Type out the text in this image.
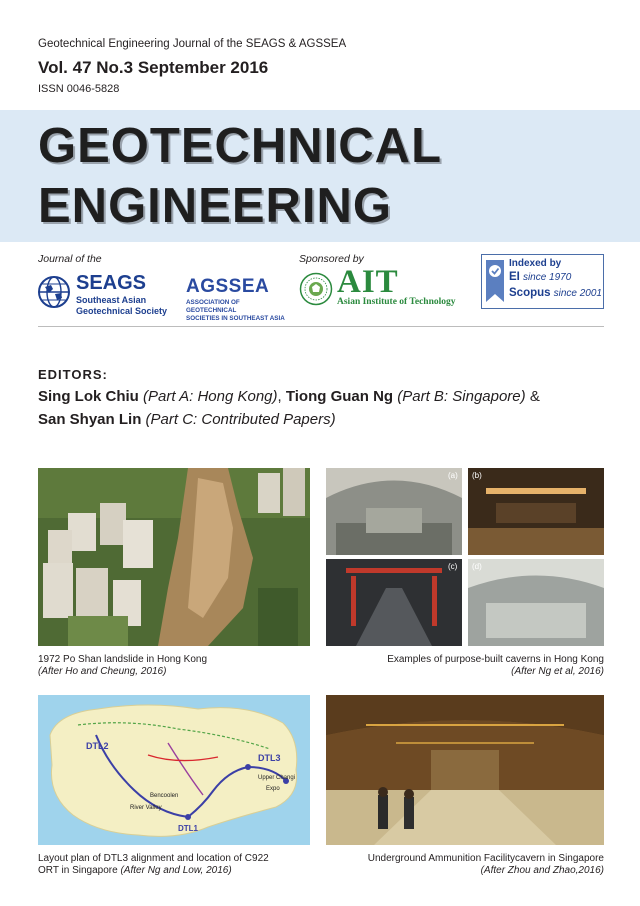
Geotechnical Engineering Journal of the SEAGS & AGSSEA
Vol. 47 No.3 September 2016
ISSN 0046-5828
GEOTECHNICAL
ENGINEERING
Journal of the	Sponsored by
SEAGS
Southeast Asian
Geotechnical Society
AGSSEA
ASSOCIATION OF GEOTECHNICAL
SOCIETIES IN SOUTHEAST ASIA
AIT
Asian Institute of Technology
Indexed by
EI since 1970
Scopus since 2001
EDITORS:
Sing Lok Chiu (Part A: Hong Kong), Tiong Guan Ng (Part B: Singapore) &
San Shyan Lin (Part C: Contributed Papers)
1972 Po Shan landslide in Hong Kong
(After Ho and Cheung, 2016)
(a) (b)
(c) (d)
Examples of purpose-built caverns in Hong Kong
(After Ng et al, 2016)
DTL2
DTL3
DTL1
Upper Changi
Expo
Bencoolen
River Valley
Layout plan of DTL3 alignment and location of C922
ORT in Singapore (After Ng and Low, 2016)
Underground Ammunition Facilitycavern in Singapore
(After Zhou and Zhao,2016)
